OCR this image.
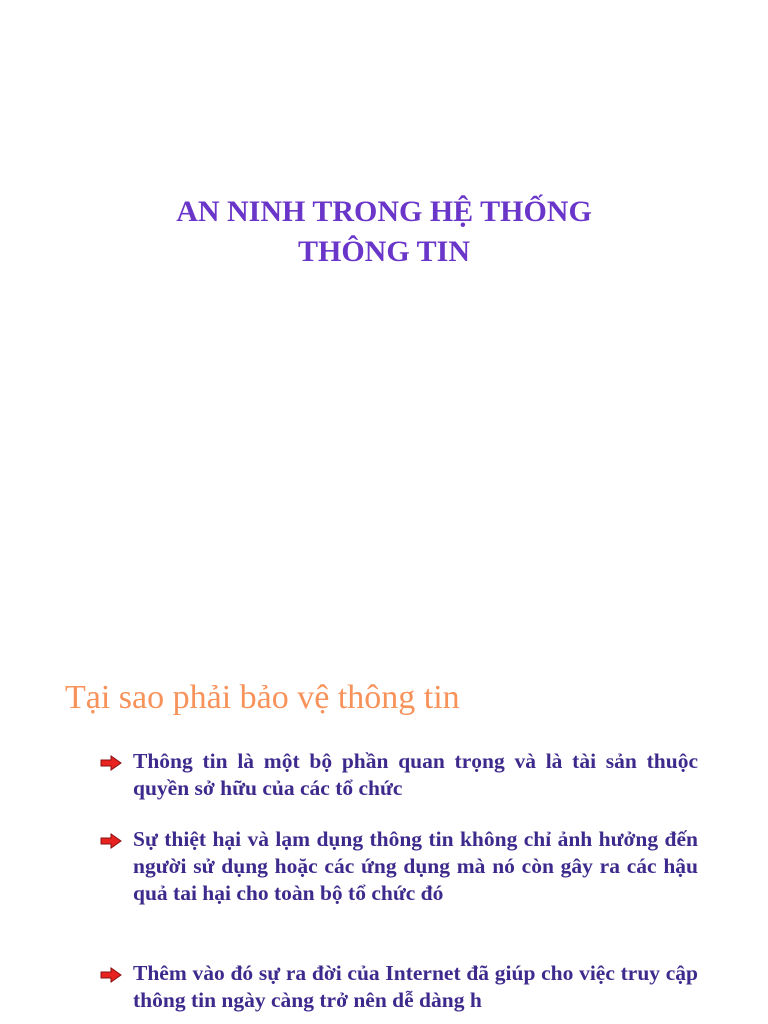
AN NINH TRONG HỆ THỐNG
THÔNG TIN
Tại sao phải bảo vệ thông tin
Thông tin là một bộ phần quan trọng và là tài sản thuộc quyền sở hữu của các tổ chức
Sự thiệt hại và lạm dụng thông tin không chỉ ảnh hưởng đến người sử dụng hoặc các ứng dụng mà nó còn gây ra các hậu quả tai hại cho toàn bộ tổ chức đó
Thêm vào đó sự ra đời của Internet đã giúp cho việc truy cập thông tin ngày càng trở nên dễ dàng h
